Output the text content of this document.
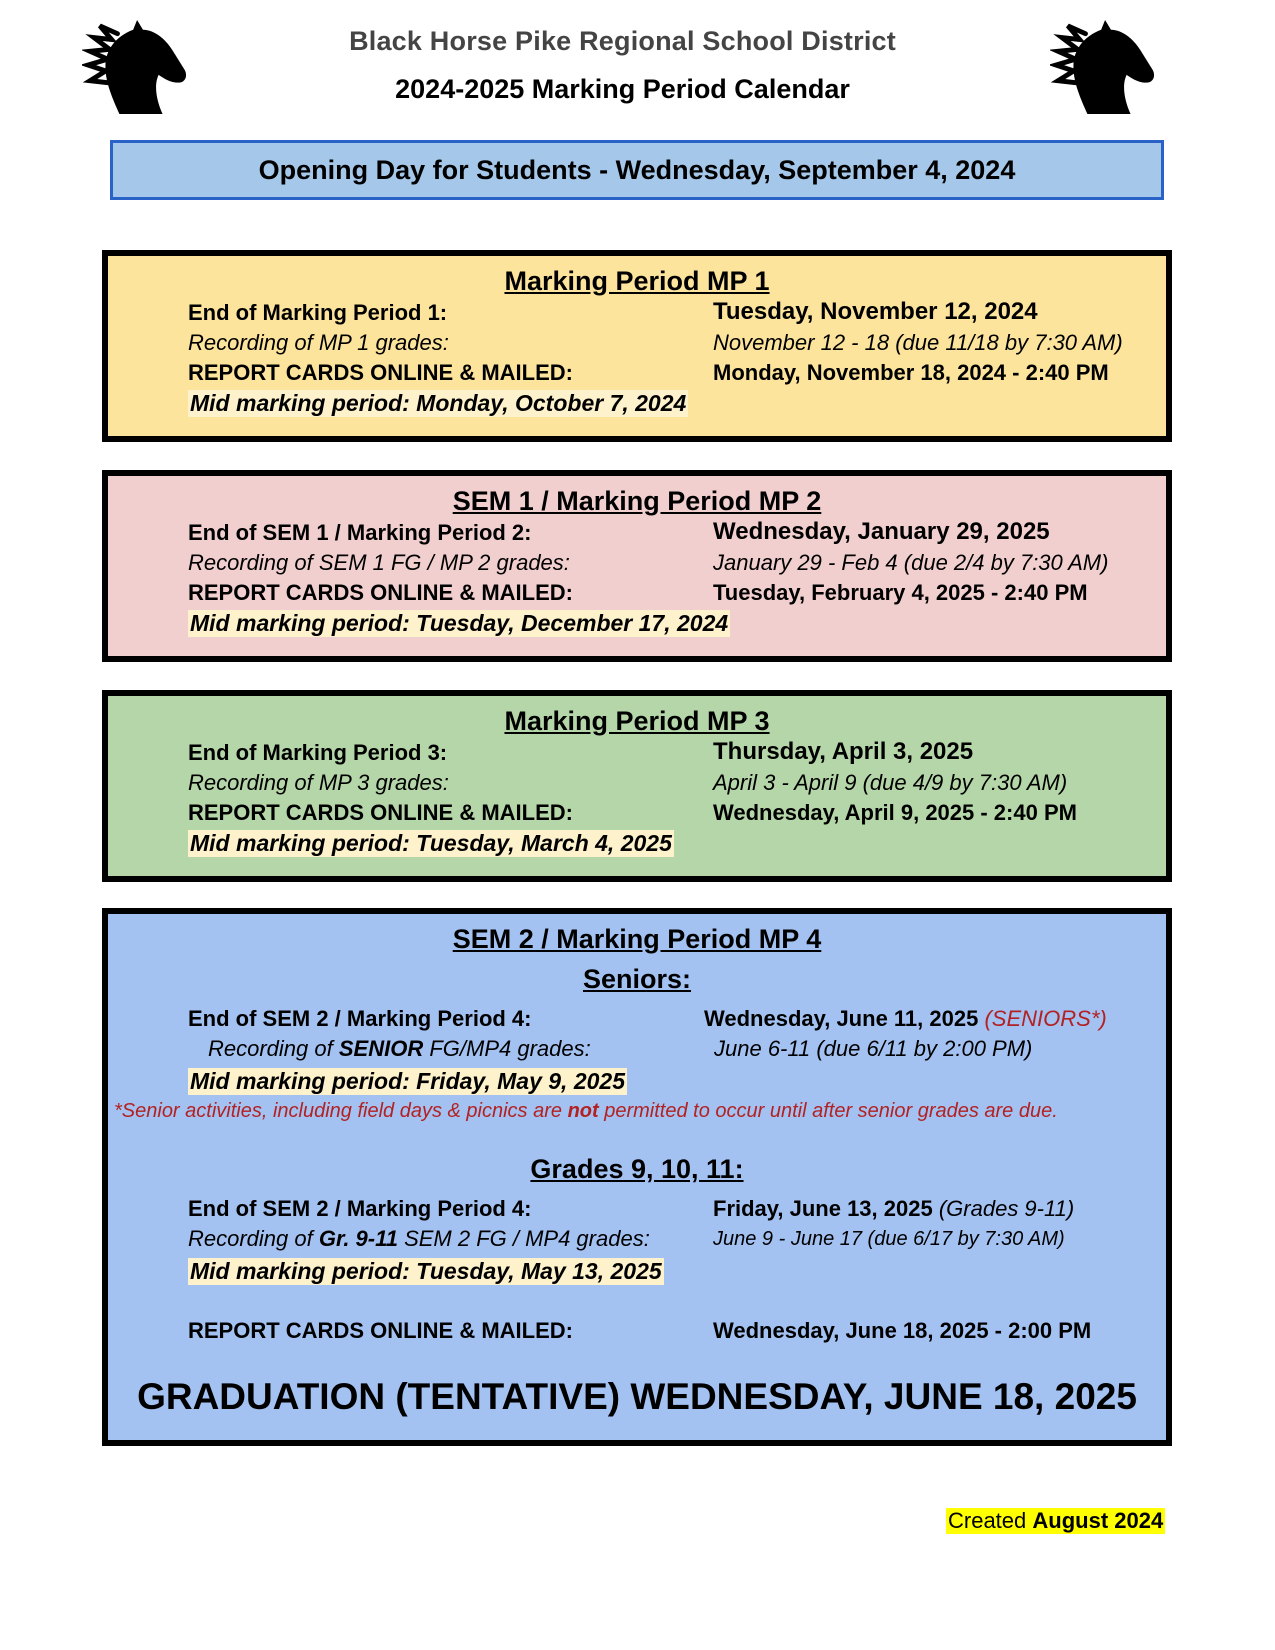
Black Horse Pike Regional School District
2024-2025 Marking Period Calendar
Opening Day for Students - Wednesday, September 4, 2024
Marking Period MP 1
End of Marking Period 1:	Tuesday, November 12, 2024
Recording of MP 1 grades:	November 12 - 18 (due 11/18 by 7:30 AM)
REPORT CARDS ONLINE & MAILED:	Monday, November 18, 2024 - 2:40 PM
Mid marking period: Monday, October 7, 2024
SEM 1 / Marking Period MP 2
End of SEM 1 / Marking Period 2:	Wednesday, January 29, 2025
Recording of SEM 1 FG / MP 2 grades:	January 29 - Feb 4 (due 2/4 by 7:30 AM)
REPORT CARDS ONLINE & MAILED:	Tuesday, February 4, 2025 - 2:40 PM
Mid marking period: Tuesday, December 17, 2024
Marking Period MP 3
End of Marking Period 3:	Thursday, April 3, 2025
Recording of MP 3 grades:	April 3 - April 9 (due 4/9 by 7:30 AM)
REPORT CARDS ONLINE & MAILED:	Wednesday, April 9, 2025 - 2:40 PM
Mid marking period: Tuesday, March 4, 2025
SEM 2 / Marking Period MP 4
Seniors:
End of SEM 2 / Marking Period 4:	Wednesday, June 11, 2025 (SENIORS*)
Recording of SENIOR FG/MP4 grades:	June 6-11 (due 6/11 by 2:00 PM)
Mid marking period: Friday, May 9, 2025
*Senior activities, including field days & picnics are not permitted to occur until after senior grades are due.
Grades 9, 10, 11:
End of SEM 2 / Marking Period 4:	Friday, June 13, 2025 (Grades 9-11)
Recording of Gr. 9-11 SEM 2 FG / MP4 grades:	June 9 - June 17 (due 6/17 by 7:30 AM)
Mid marking period: Tuesday, May 13, 2025
REPORT CARDS ONLINE & MAILED:	Wednesday, June 18, 2025 - 2:00 PM
GRADUATION (TENTATIVE) WEDNESDAY, JUNE 18, 2025
Created August 2024
